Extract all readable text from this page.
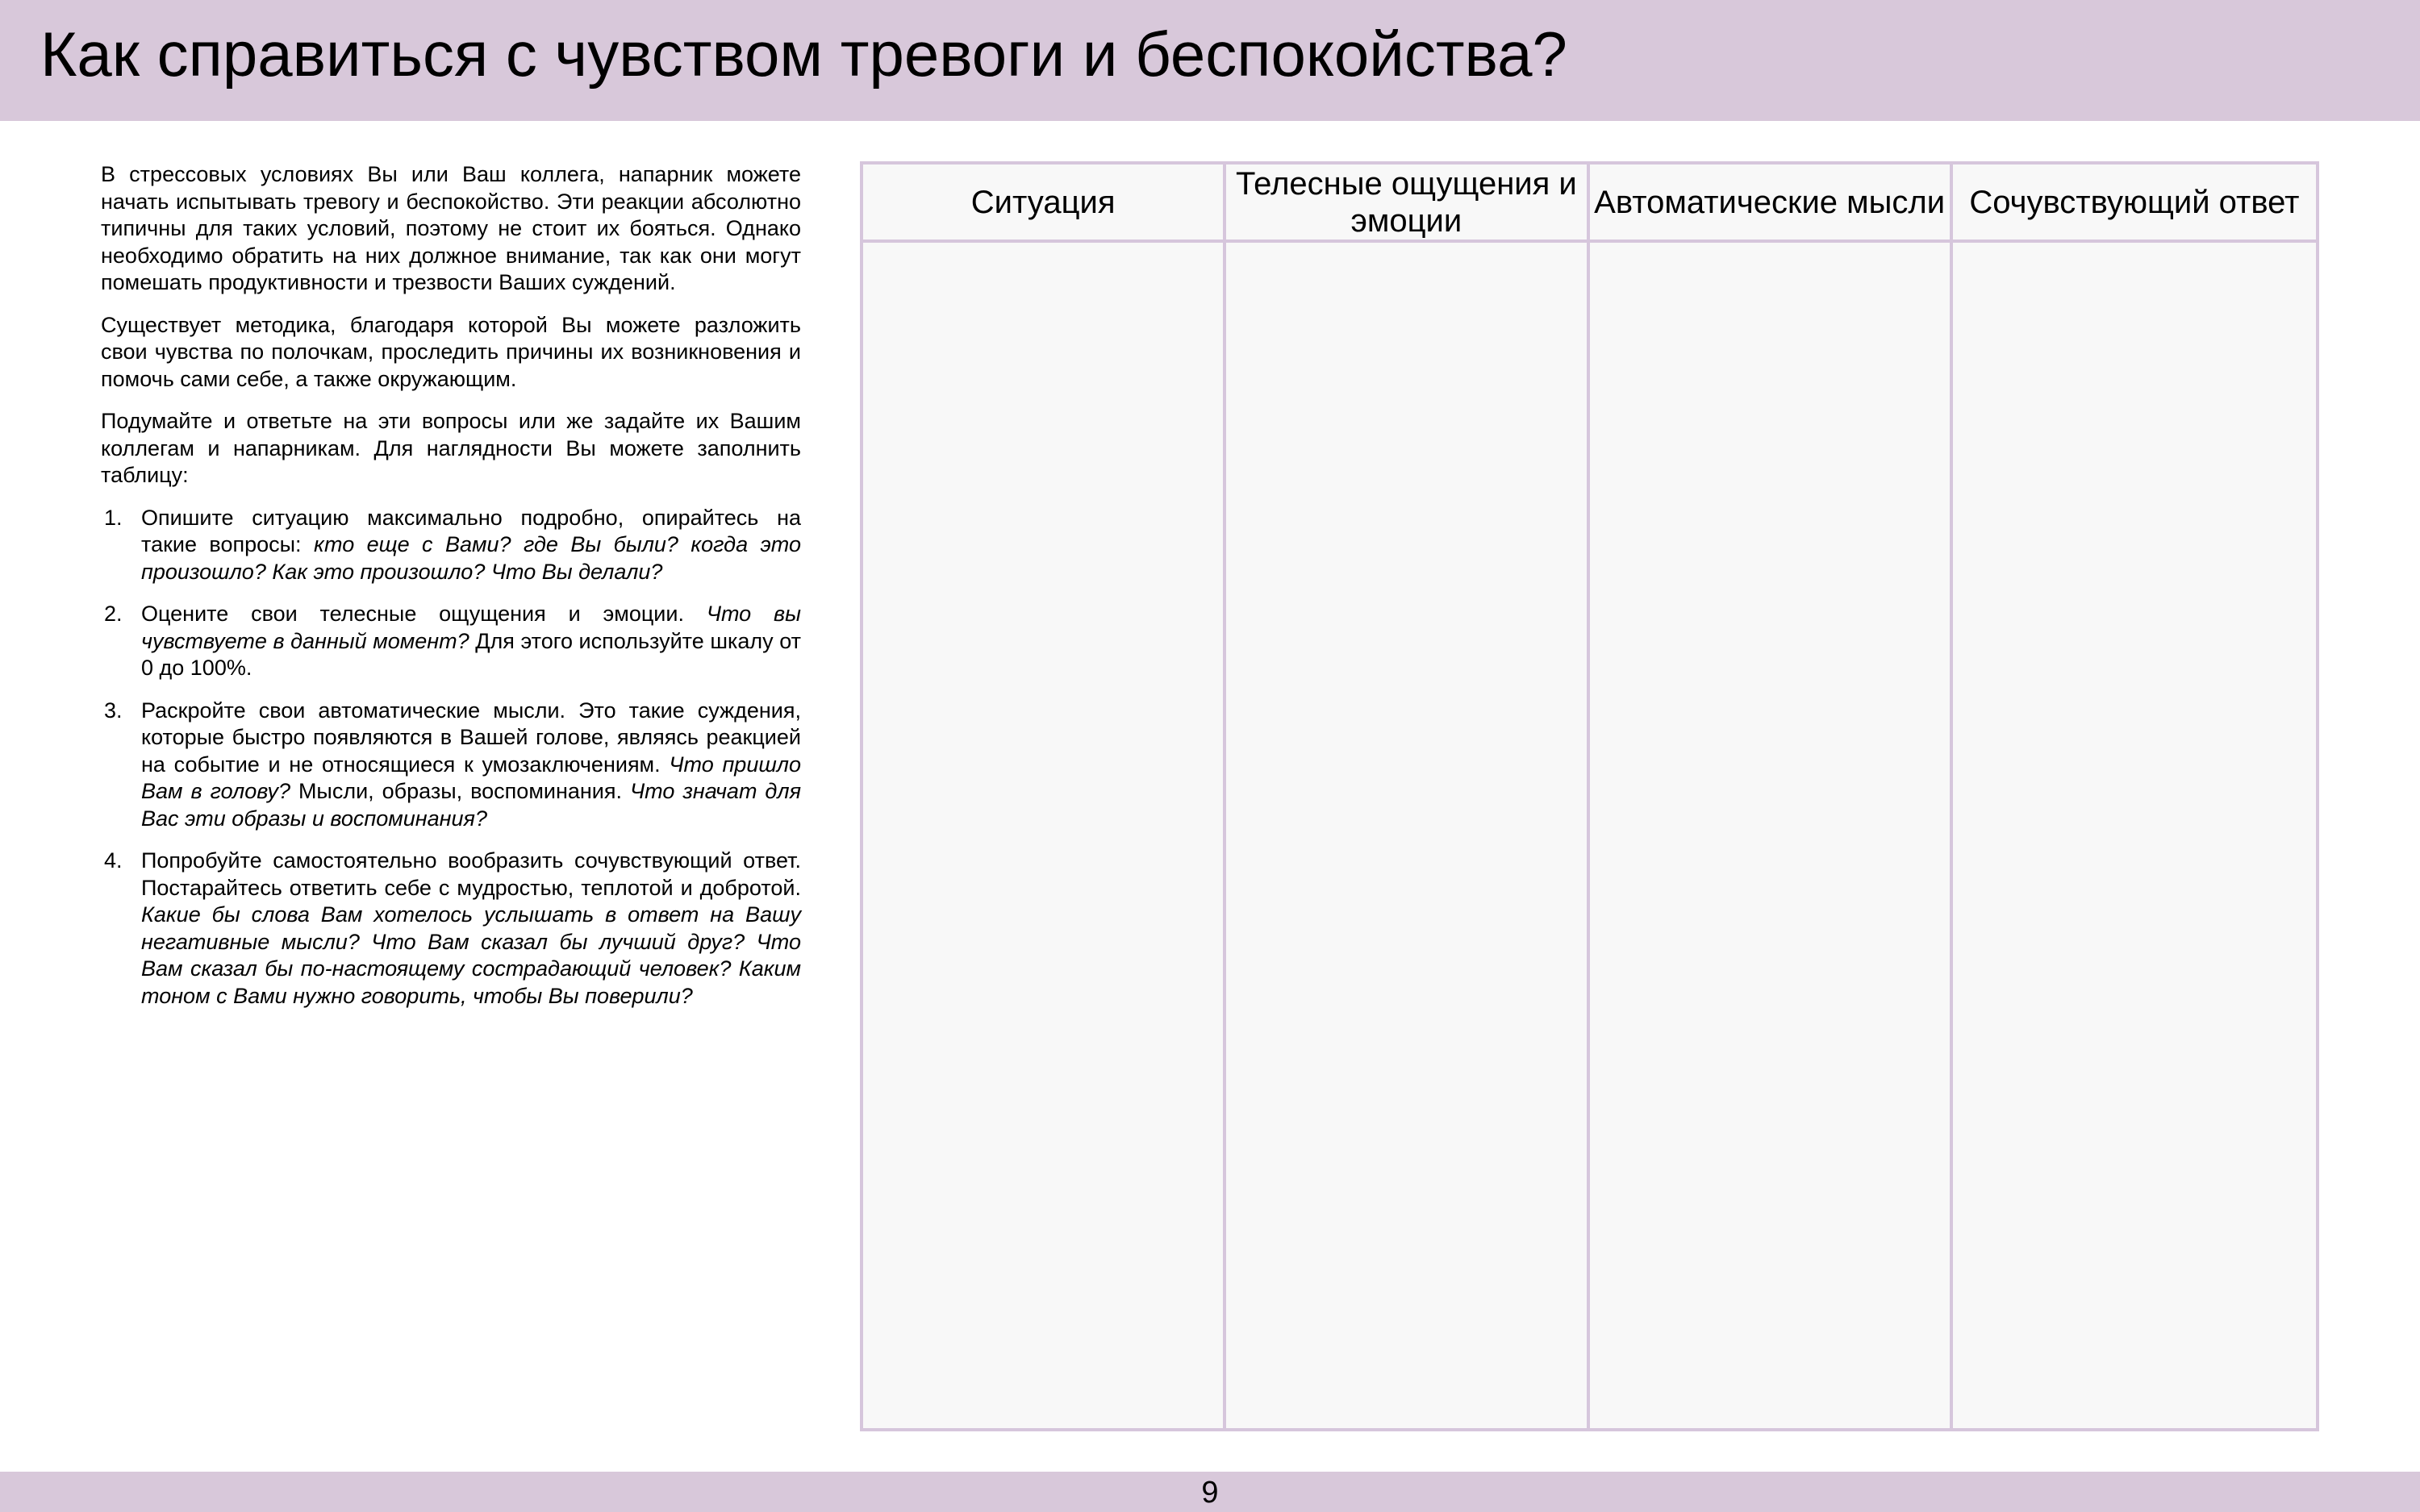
Как справиться с чувством тревоги и беспокойства?

В стрессовых условиях Вы или Ваш коллега, напарник можете начать испытывать тревогу и беспокойство. Эти реакции абсолютно типичны для таких условий, поэтому не стоит их бояться. Однако необходимо обратить на них должное внимание, так как они могут помешать продуктивности и трезвости Ваших суждений.

Существует методика, благодаря которой Вы можете разложить свои чувства по полочкам, проследить причины их возникновения и помочь сами себе, а также окружающим.

Подумайте и ответьте на эти вопросы или же задайте их Вашим коллегам и напарникам. Для наглядности Вы можете заполнить таблицу:

1. Опишите ситуацию максимально подробно, опирайтесь на такие вопросы: кто еще с Вами? где Вы были? когда это произошло? Как это произошло? Что Вы делали?
2. Оцените свои телесные ощущения и эмоции. Что вы чувствуете в данный момент? Для этого используйте шкалу от 0 до 100%.
3. Раскройте свои автоматические мысли. Это такие суждения, которые быстро появляются в Вашей голове, являясь реакцией на событие и не относящиеся к умозаключениям. Что пришло Вам в голову? Мысли, образы, воспоминания. Что значат для Вас эти образы и воспоминания?
4. Попробуйте самостоятельно вообразить сочувствующий ответ. Постарайтесь ответить себе с мудростью, теплотой и добротой. Какие бы слова Вам хотелось услышать в ответ на Вашу негативные мысли? Что Вам сказал бы лучший друг? Что Вам сказал бы по-настоящему сострадающий человек? Каким тоном с Вами нужно говорить, чтобы Вы поверили?
Ситуация
Телесные ощущения и эмоции
Автоматические мысли Сочувствующий ответ
9
